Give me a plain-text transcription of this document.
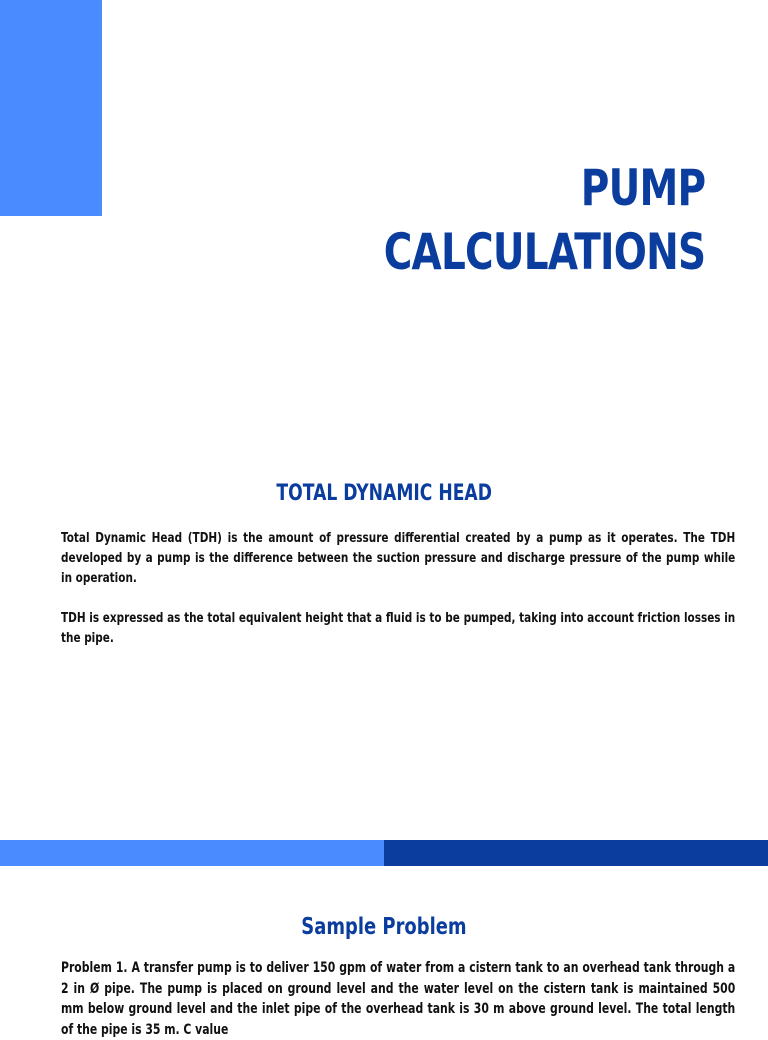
PUMP
CALCULATIONS
TOTAL DYNAMIC HEAD

Total Dynamic Head (TDH) is the amount of pressure differential created by a pump as it operates. The TDH developed by a pump is the difference between the suction pressure and discharge pressure of the pump while in operation.

TDH is expressed as the total equivalent height that a fluid is to be pumped, taking into account friction losses in the pipe.

Sample Problem

Problem 1. A transfer pump is to deliver 150 gpm of water from a cistern tank to an overhead tank through a 2 in Ø pipe. The pump is placed on ground level and the water level on the cistern tank is maintained 500 mm below ground level and the inlet pipe of the overhead tank is 30 m above ground level. The total length of the pipe is 35 m. C value
